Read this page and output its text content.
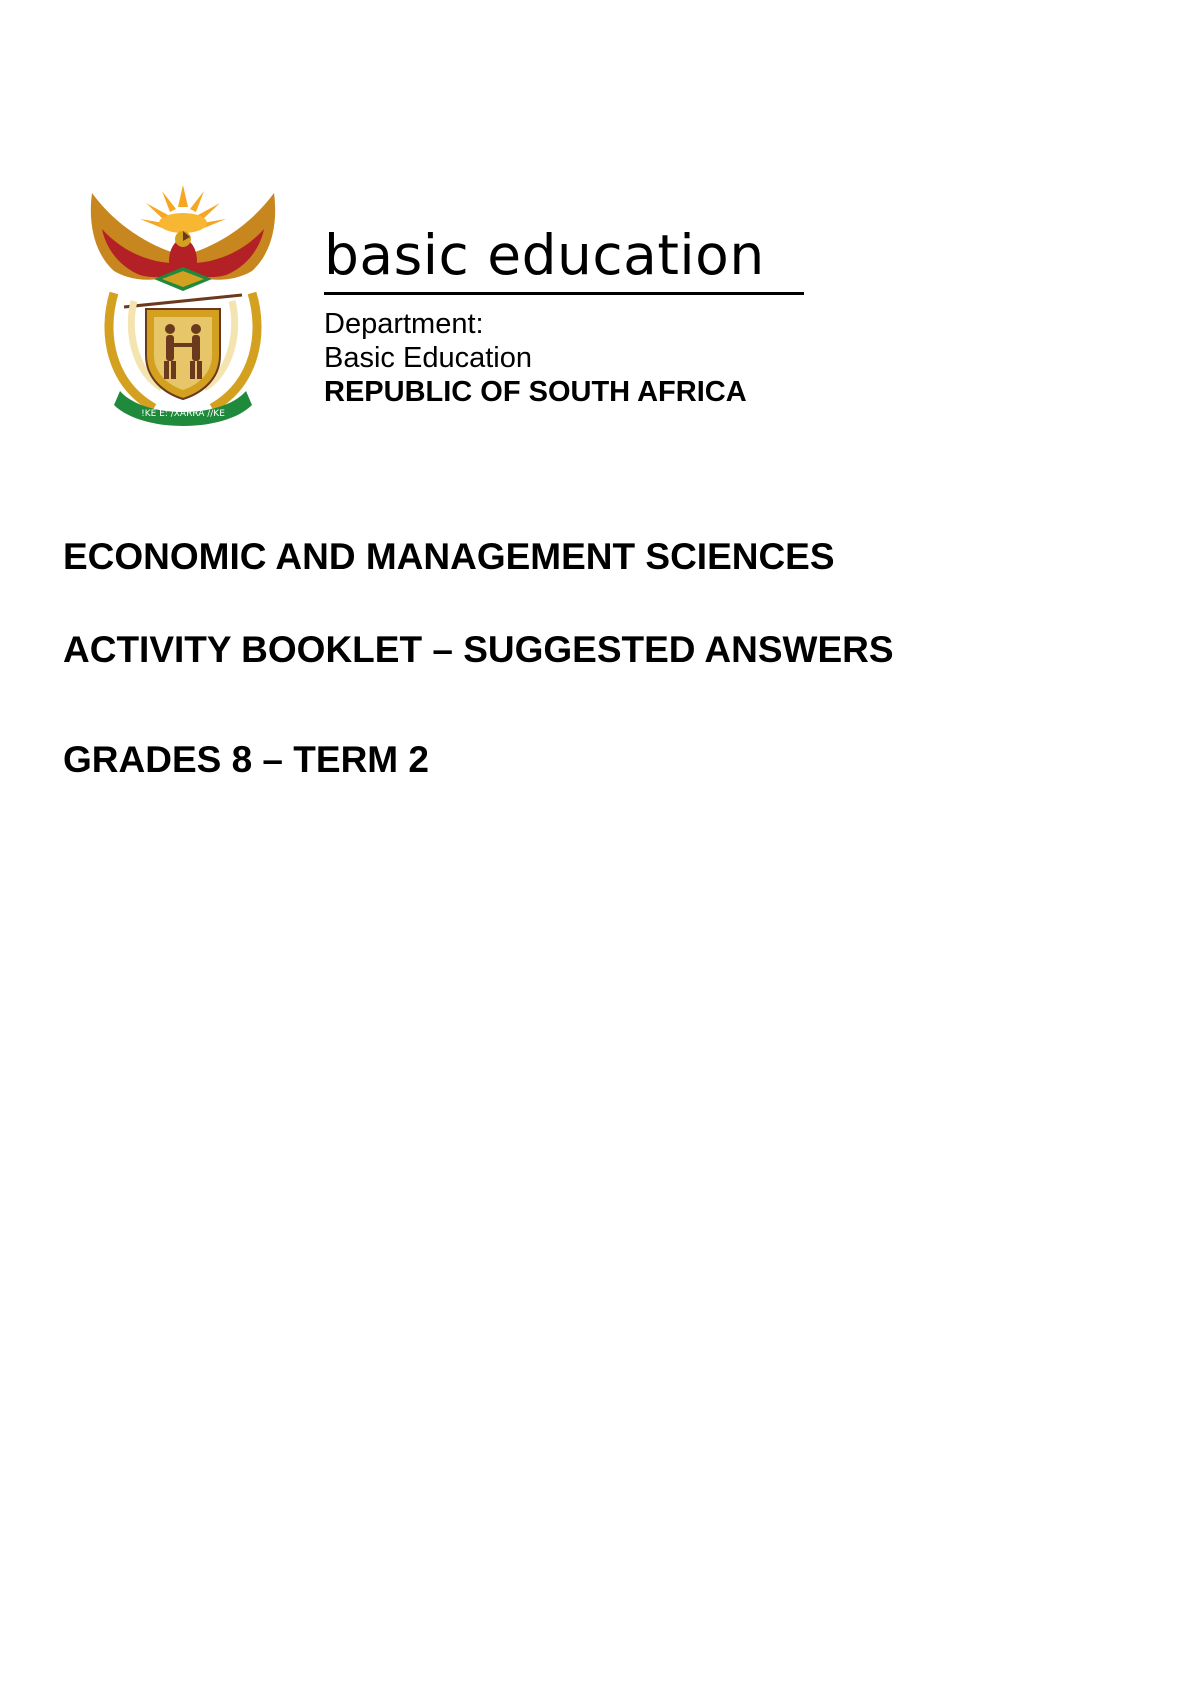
!KE E: /XARRA //KE
basic education
Department:
Basic Education
REPUBLIC OF SOUTH AFRICA
ECONOMIC AND MANAGEMENT SCIENCES
ACTIVITY BOOKLET – SUGGESTED ANSWERS
GRADES 8 – TERM 2
